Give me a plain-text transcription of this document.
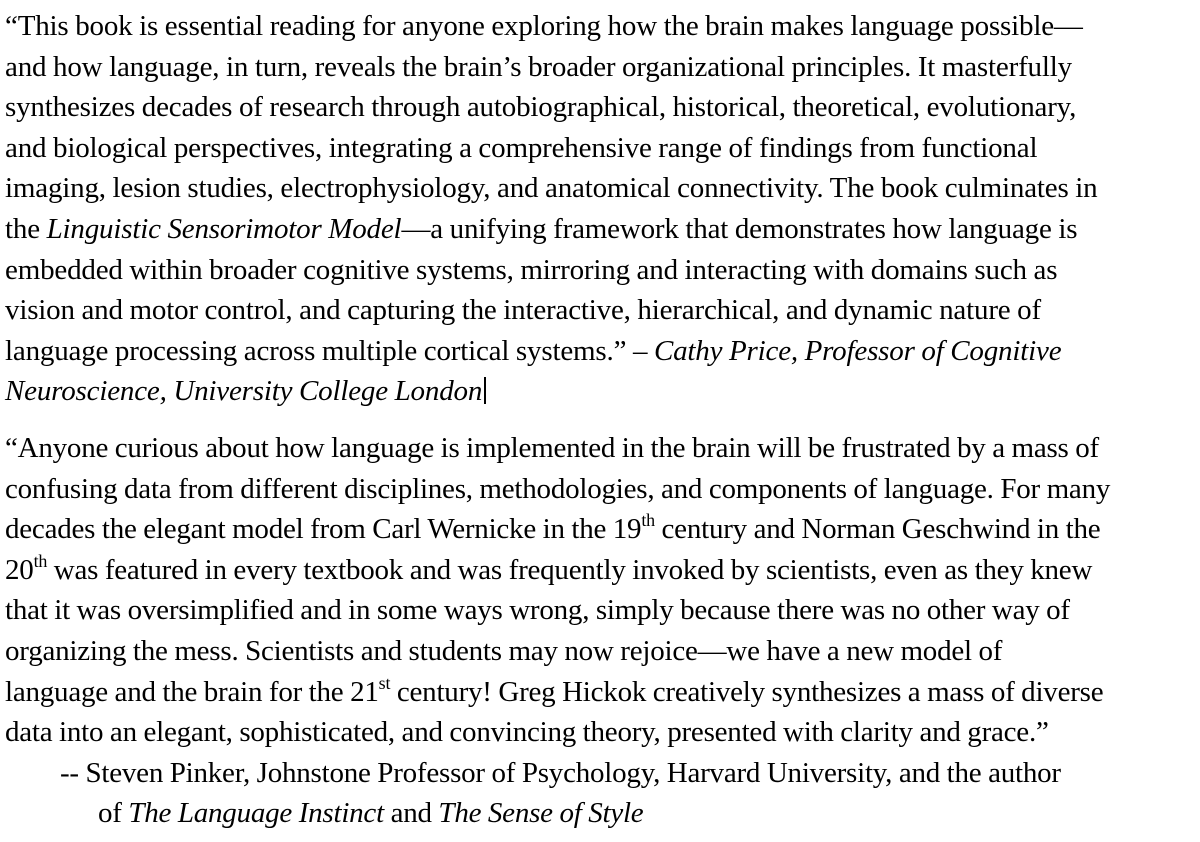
“This book is essential reading for anyone exploring how the brain makes language possible—
and how language, in turn, reveals the brain’s broader organizational principles. It masterfully
synthesizes decades of research through autobiographical, historical, theoretical, evolutionary,
and biological perspectives, integrating a comprehensive range of findings from functional
imaging, lesion studies, electrophysiology, and anatomical connectivity. The book culminates in
the Linguistic Sensorimotor Model—a unifying framework that demonstrates how language is
embedded within broader cognitive systems, mirroring and interacting with domains such as
vision and motor control, and capturing the interactive, hierarchical, and dynamic nature of
language processing across multiple cortical systems.” – Cathy Price, Professor of Cognitive
Neuroscience, University College London

“Anyone curious about how language is implemented in the brain will be frustrated by a mass of
confusing data from different disciplines, methodologies, and components of language. For many
decades the elegant model from Carl Wernicke in the 19th century and Norman Geschwind in the
20th was featured in every textbook and was frequently invoked by scientists, even as they knew
that it was oversimplified and in some ways wrong, simply because there was no other way of
organizing the mess. Scientists and students may now rejoice—we have a new model of
language and the brain for the 21st century! Greg Hickok creatively synthesizes a mass of diverse
data into an elegant, sophisticated, and convincing theory, presented with clarity and grace.”
-- Steven Pinker, Johnstone Professor of Psychology, Harvard University, and the author
of The Language Instinct and The Sense of Style
